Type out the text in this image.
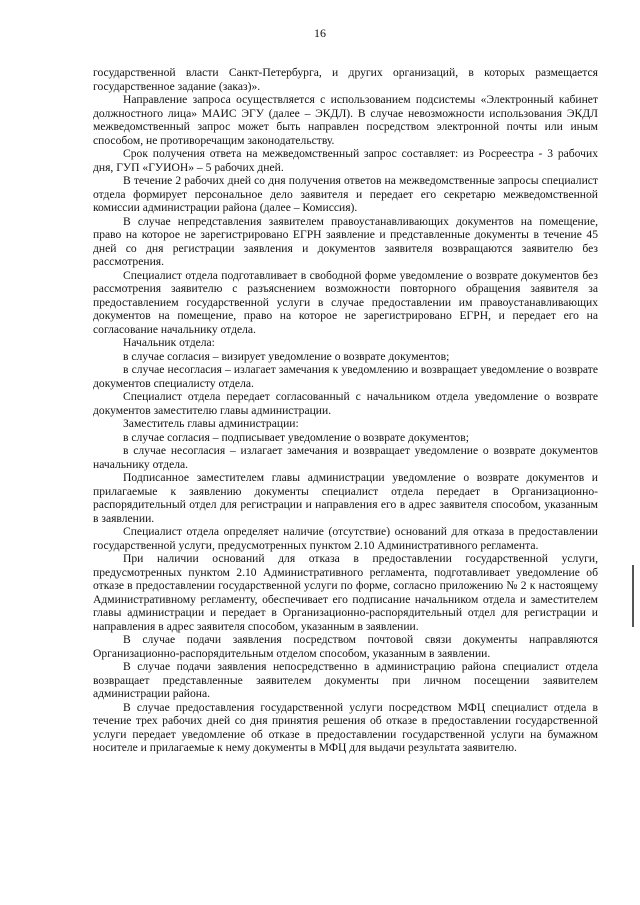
16

государственной власти Санкт-Петербурга, и других организаций, в которых размещается государственное задание (заказ)».

Направление запроса осуществляется с использованием подсистемы «Электронный кабинет должностного лица» МАИС ЭГУ (далее – ЭКДЛ). В случае невозможности использования ЭКДЛ межведомственный запрос может быть направлен посредством электронной почты или иным способом, не противоречащим законодательству.

Срок получения ответа на межведомственный запрос составляет: из Росреестра - 3 рабочих дня, ГУП «ГУИОН» – 5 рабочих дней.

В течение 2 рабочих дней со дня получения ответов на межведомственные запросы специалист отдела формирует персональное дело заявителя и передает его секретарю межведомственной комиссии администрации района (далее – Комиссия).

В случае непредставления заявителем правоустанавливающих документов на помещение, право на которое не зарегистрировано ЕГРН заявление и представленные документы в течение 45 дней со дня регистрации заявления и документов заявителя возвращаются заявителю без рассмотрения.

Специалист отдела подготавливает в свободной форме уведомление о возврате документов без рассмотрения заявителю с разъяснением возможности повторного обращения заявителя за предоставлением государственной услуги в случае предоставлении им правоустанавливающих документов на помещение, право на которое не зарегистрировано ЕГРН, и передает его на согласование начальнику отдела.

Начальник отдела:

в случае согласия – визирует уведомление о возврате документов;

в случае несогласия – излагает замечания к уведомлению и возвращает уведомление о возврате документов специалисту отдела.

Специалист отдела передает согласованный с начальником отдела уведомление о возврате документов заместителю главы администрации.

Заместитель главы администрации:

в случае согласия – подписывает уведомление о возврате документов;

в случае несогласия – излагает замечания и возвращает уведомление о возврате документов начальнику отдела.

Подписанное заместителем главы администрации уведомление о возврате документов и прилагаемые к заявлению документы специалист отдела передает в Организационно-распорядительный отдел для регистрации и направления его в адрес заявителя способом, указанным в заявлении.

Специалист отдела определяет наличие (отсутствие) оснований для отказа в предоставлении государственной услуги, предусмотренных пунктом 2.10 Административного регламента.

При наличии оснований для отказа в предоставлении государственной услуги, предусмотренных пунктом 2.10 Административного регламента, подготавливает уведомление об отказе в предоставлении государственной услуги по форме, согласно приложению № 2 к настоящему Административному регламенту, обеспечивает его подписание начальником отдела и заместителем главы администрации и передает в Организационно-распорядительный отдел для регистрации и направления в адрес заявителя способом, указанным в заявлении.

В случае подачи заявления посредством почтовой связи документы направляются Организационно-распорядительным отделом способом, указанным в заявлении.

В случае подачи заявления непосредственно в администрацию района специалист отдела возвращает представленные заявителем документы при личном посещении заявителем администрации района.

В случае предоставления государственной услуги посредством МФЦ специалист отдела в течение трех рабочих дней со дня принятия решения об отказе в предоставлении государственной услуги передает уведомление об отказе в предоставлении государственной услуги на бумажном носителе и прилагаемые к нему документы в МФЦ для выдачи результата заявителю.
